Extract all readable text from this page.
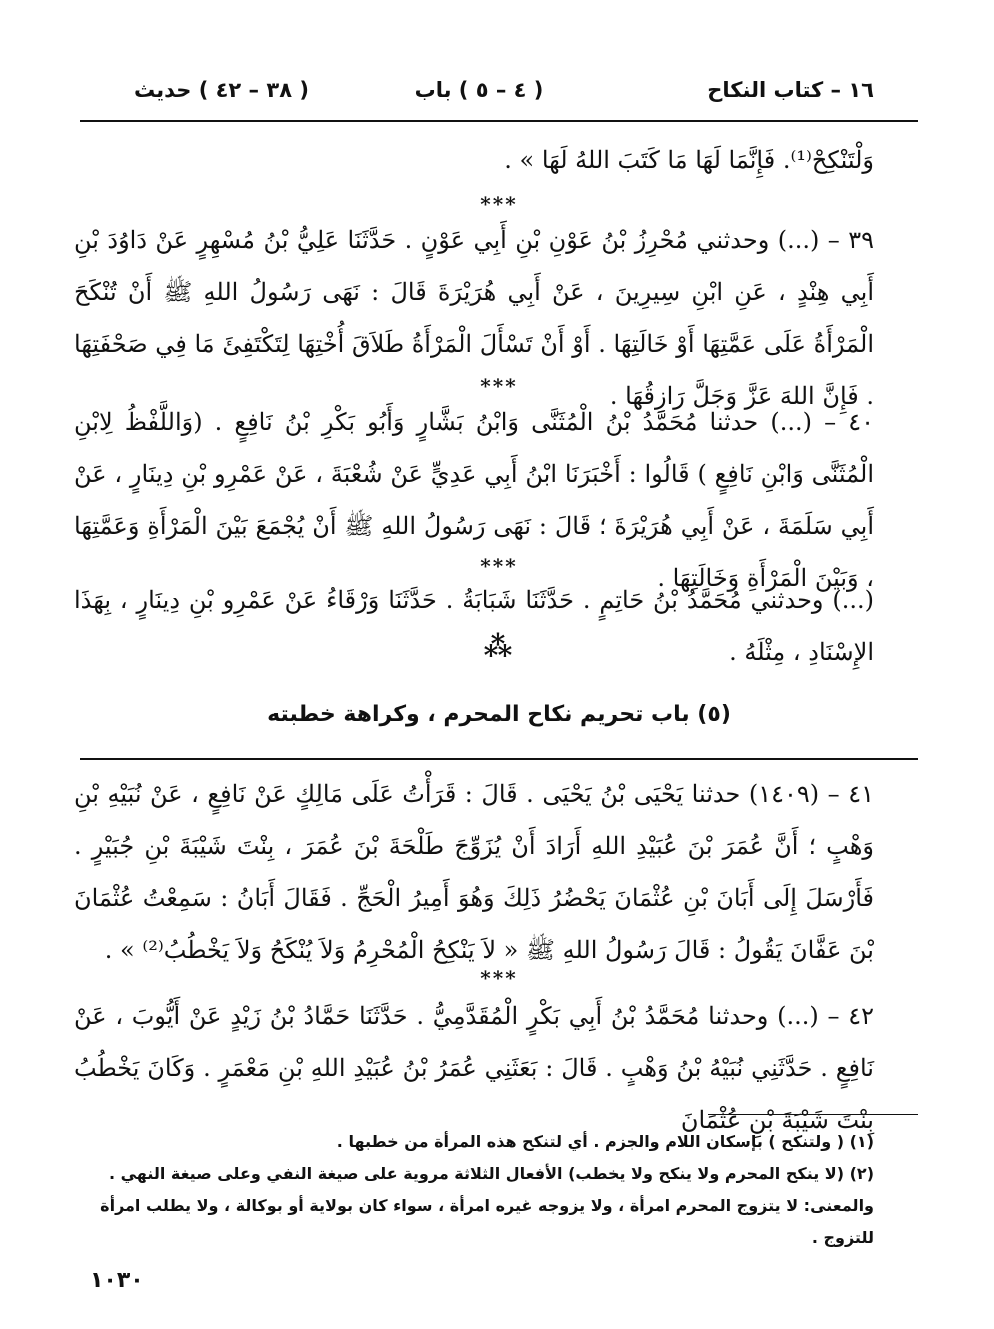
١٦ – كتاب النكاح
( ٤ – ٥ ) باب
( ٣٨ – ٤٢ ) حديث

وَلْتَنْكِحْ⁽¹⁾. فَإِنَّمَا لَهَا مَا كَتَبَ اللهُ لَهَا » .

***

٣٩ – (...) وحدثني مُحْرِزُ بْنُ عَوْنِ بْنِ أَبِي عَوْنٍ . حَدَّثَنَا عَلِيُّ بْنُ مُسْهِرٍ عَنْ دَاوُدَ بْنِ أَبِي هِنْدٍ ، عَنِ ابْنِ سِيرِينَ ، عَنْ أَبِي هُرَيْرَةَ قَالَ : نَهَى رَسُولُ اللهِ ﷺ أَنْ تُنْكَحَ الْمَرْأَةُ عَلَى عَمَّتِهَا أَوْ خَالَتِهَا . أَوْ أَنْ تَسْأَلَ الْمَرْأَةُ طَلاَقَ أُخْتِهَا لِتَكْتَفِئَ مَا فِي صَحْفَتِهَا . فَإِنَّ اللهَ عَزَّ وَجَلَّ رَازِقُهَا .

***

٤٠ – (...) حدثنا مُحَمَّدُ بْنُ الْمُثَنَّى وَابْنُ بَشَّارٍ وَأَبُو بَكْرِ بْنُ نَافِعٍ . (وَاللَّفْظُ لِابْنِ الْمُثَنَّى وَابْنِ نَافِعٍ ) قَالُوا : أَخْبَرَنَا ابْنُ أَبِي عَدِيٍّ عَنْ شُعْبَةَ ، عَنْ عَمْرِو بْنِ دِينَارٍ ، عَنْ أَبِي سَلَمَةَ ، عَنْ أَبِي هُرَيْرَةَ ؛ قَالَ : نَهَى رَسُولُ اللهِ ﷺ أَنْ يُجْمَعَ بَيْنَ الْمَرْأَةِ وَعَمَّتِهَا ، وَبَيْنَ الْمَرْأَةِ وَخَالَتِهَا .

***

(...) وحدثني مُحَمَّدُ بْنُ حَاتِمٍ . حَدَّثَنَا شَبَابَةُ . حَدَّثَنَا وَرْقَاءُ عَنْ عَمْرِو بْنِ دِينَارٍ ، بِهَذَا الإِسْنَادِ ، مِثْلَهُ .

⁂
(٥) باب تحريم نكاح المحرم ، وكراهة خطبته

٤١ – (١٤٠٩) حدثنا يَحْيَى بْنُ يَحْيَى . قَالَ : قَرَأْتُ عَلَى مَالِكٍ عَنْ نَافِعٍ ، عَنْ نُبَيْهِ بْنِ وَهْبٍ ؛ أَنَّ عُمَرَ بْنَ عُبَيْدِ اللهِ أَرَادَ أَنْ يُزَوِّجَ طَلْحَةَ بْنَ عُمَرَ ، بِنْتَ شَيْبَةَ بْنِ جُبَيْرٍ . فَأَرْسَلَ إِلَى أَبَانَ بْنِ عُثْمَانَ يَحْضُرُ ذَلِكَ وَهُوَ أَمِيرُ الْحَجِّ . فَقَالَ أَبَانُ : سَمِعْتُ عُثْمَانَ بْنَ عَفَّانَ يَقُولُ : قَالَ رَسُولُ اللهِ ﷺ « لاَ يَنْكِحُ الْمُحْرِمُ وَلاَ يُنْكَحُ وَلاَ يَخْطُبُ⁽²⁾ » .

***

٤٢ – (...) وحدثنا مُحَمَّدُ بْنُ أَبِي بَكْرٍ الْمُقَدَّمِيُّ . حَدَّثَنَا حَمَّادُ بْنُ زَيْدٍ عَنْ أَيُّوبَ ، عَنْ نَافِعٍ . حَدَّثَنِي نُبَيْهُ بْنُ وَهْبٍ . قَالَ : بَعَثَنِي عُمَرُ بْنُ عُبَيْدِ اللهِ بْنِ مَعْمَرٍ . وَكَانَ يَخْطُبُ بِنْتَ شَيْبَةَ بْنِ عُثْمَانَ

(١) ( ولتنكح ) بإسكان اللام والجزم . أي لتنكح هذه المرأة من خطبها .

(٢) (لا ينكح المحرم ولا ينكح ولا يخطب) الأفعال الثلاثة مروية على صيغة النفي وعلى صيغة النهي . والمعنى: لا يتزوج المحرم امرأة ، ولا يزوجه غيره امرأة ، سواء كان بولاية أو بوكالة ، ولا يطلب امرأة للتزوج .

١٠٣٠
